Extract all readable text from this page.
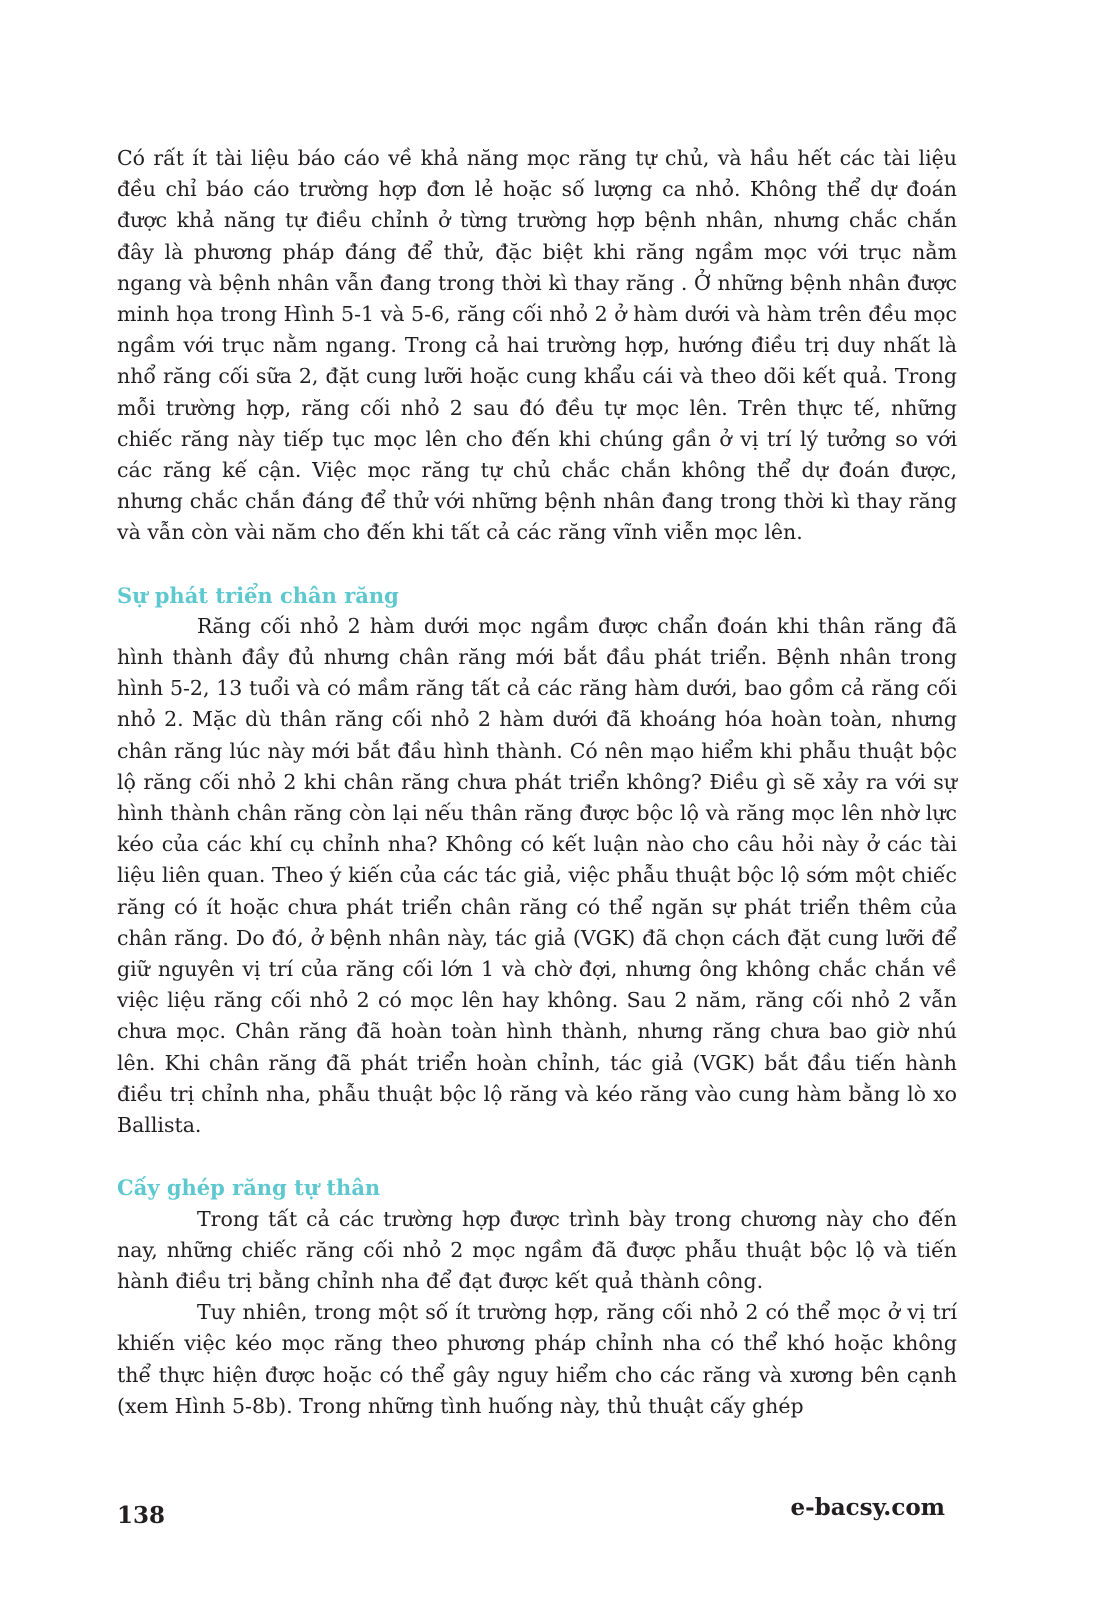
Có rất ít tài liệu báo cáo về khả năng mọc răng tự chủ, và hầu hết các tài liệu đều chỉ báo cáo trường hợp đơn lẻ hoặc số lượng ca nhỏ. Không thể dự đoán được khả năng tự điều chỉnh ở từng trường hợp bệnh nhân, nhưng chắc chắn đây là phương pháp đáng để thử, đặc biệt khi răng ngầm mọc với trục nằm ngang và bệnh nhân vẫn đang trong thời kì thay răng . Ở những bệnh nhân được minh họa trong Hình 5-1 và 5-6, răng cối nhỏ 2 ở hàm dưới và hàm trên đều mọc ngầm với trục nằm ngang. Trong cả hai trường hợp, hướng điều trị duy nhất là nhổ răng cối sữa 2, đặt cung lưỡi hoặc cung khẩu cái và theo dõi kết quả. Trong mỗi trường hợp, răng cối nhỏ 2 sau đó đều tự mọc lên. Trên thực tế, những chiếc răng này tiếp tục mọc lên cho đến khi chúng gần ở vị trí lý tưởng so với các răng kế cận. Việc mọc răng tự chủ chắc chắn không thể dự đoán được, nhưng chắc chắn đáng để thử với những bệnh nhân đang trong thời kì thay răng và vẫn còn vài năm cho đến khi tất cả các răng vĩnh viễn mọc lên.

Sự phát triển chân răng

Răng cối nhỏ 2 hàm dưới mọc ngầm được chẩn đoán khi thân răng đã hình thành đầy đủ nhưng chân răng mới bắt đầu phát triển. Bệnh nhân trong hình 5-2, 13 tuổi và có mầm răng tất cả các răng hàm dưới, bao gồm cả răng cối nhỏ 2. Mặc dù thân răng cối nhỏ 2 hàm dưới đã khoáng hóa hoàn toàn, nhưng chân răng lúc này mới bắt đầu hình thành. Có nên mạo hiểm khi phẫu thuật bộc lộ răng cối nhỏ 2 khi chân răng chưa phát triển không? Điều gì sẽ xảy ra với sự hình thành chân răng còn lại nếu thân răng được bộc lộ và răng mọc lên nhờ lực kéo của các khí cụ chỉnh nha? Không có kết luận nào cho câu hỏi này ở các tài liệu liên quan. Theo ý kiến của các tác giả, việc phẫu thuật bộc lộ sớm một chiếc răng có ít hoặc chưa phát triển chân răng có thể ngăn sự phát triển thêm của chân răng. Do đó, ở bệnh nhân này, tác giả (VGK) đã chọn cách đặt cung lưỡi để giữ nguyên vị trí của răng cối lớn 1 và chờ đợi, nhưng ông không chắc chắn về việc liệu răng cối nhỏ 2 có mọc lên hay không. Sau 2 năm, răng cối nhỏ 2 vẫn chưa mọc. Chân răng đã hoàn toàn hình thành, nhưng răng chưa bao giờ nhú lên. Khi chân răng đã phát triển hoàn chỉnh, tác giả (VGK) bắt đầu tiến hành điều trị chỉnh nha, phẫu thuật bộc lộ răng và kéo răng vào cung hàm bằng lò xo Ballista.

Cấy ghép răng tự thân

Trong tất cả các trường hợp được trình bày trong chương này cho đến nay, những chiếc răng cối nhỏ 2 mọc ngầm đã được phẫu thuật bộc lộ và tiến hành điều trị bằng chỉnh nha để đạt được kết quả thành công.

Tuy nhiên, trong một số ít trường hợp, răng cối nhỏ 2 có thể mọc ở vị trí khiến việc kéo mọc răng theo phương pháp chỉnh nha có thể khó hoặc không thể thực hiện được hoặc có thể gây nguy hiểm cho các răng và xương bên cạnh (xem Hình 5-8b). Trong những tình huống này, thủ thuật cấy ghép

138	e-bacsy.com
